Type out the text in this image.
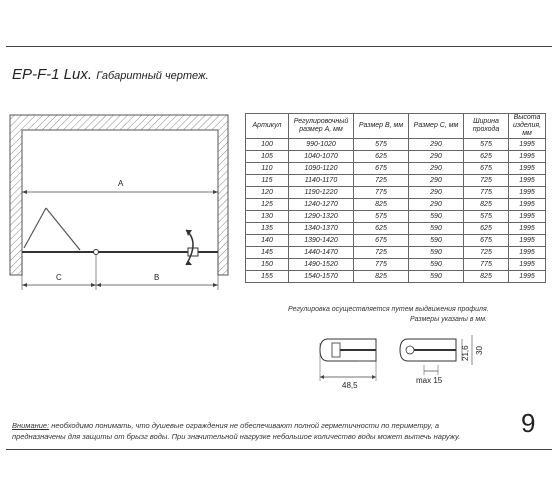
EP-F-1 Lux. Габаритный чертеж.
A
C	B
Артикул	Регулировочный размер А, мм	Размер B, мм	Размер C, мм	Ширина прохода	Высота изделия, мм
100	990-1020	575	290	575	1995
105	1040-1070	625	290	625	1995
110	1090-1120	675	290	675	1995
115	1140-1170	725	290	725	1995
120	1190-1220	775	290	775	1995
125	1240-1270	825	290	825	1995
130	1290-1320	575	590	575	1995
135	1340-1370	625	590	625	1995
140	1390-1420	675	590	675	1995
145	1440-1470	725	590	725	1995
150	1490-1520	775	590	775	1995
155	1540-1570	825	590	825	1995
Регулировка осуществляется путем выдвижения профиля.
Размеры указаны в мм.
48,5
max 15
21,6 30
Внимание: необходимо понимать, что душевые ограждения не обеспечивают полной герметичности по периметру, а предназначены для защиты от брызг воды. При значительной нагрузке небольшое количество воды может вытечь наружу.	9
